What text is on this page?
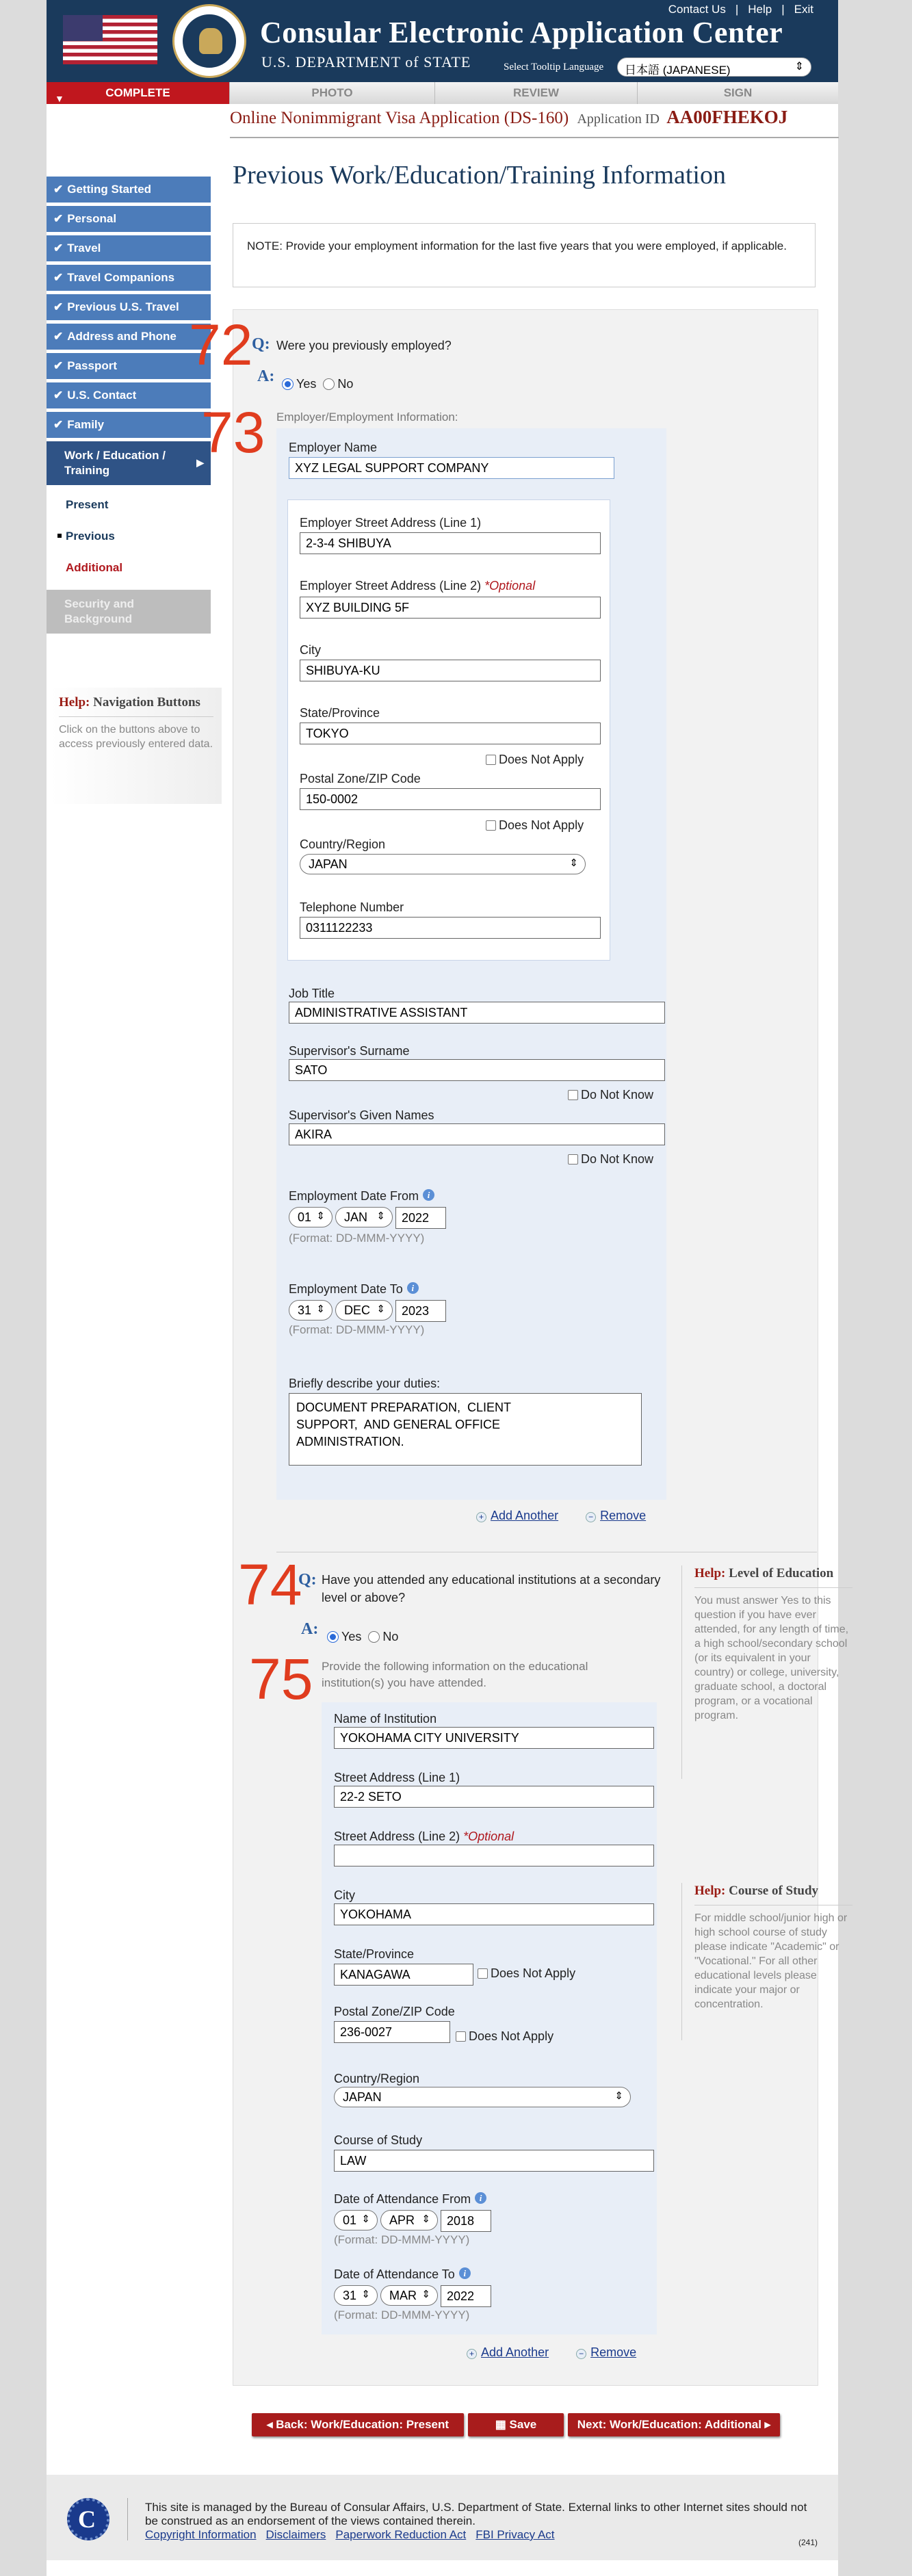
Consular Electronic Application Center
U.S. DEPARTMENT of STATE
Contact Us | Help | Exit
Select Tooltip Language	日本語 (JAPANESE)	⇕
▼	COMPLETE	PHOTO	REVIEW	SIGN
Online Nonimmigrant Visa Application (DS-160) Application ID AA00FHEKOJ
✔ Getting Started
✔ Personal
✔ Travel
✔ Travel Companions
✔ Previous U.S. Travel
✔ Address and Phone
✔ Passport
✔ U.S. Contact
✔ Family
Work / Education / Training
▶
Present
Previous
Additional
Security and Background
Help: Navigation Buttons
Click on the buttons above to access previously entered data.
Previous Work/Education/Training Information
NOTE: Provide your employment information for the last five years that you were employed, if applicable.
72
Q: Were you previously employed?
A: Yes No
73 Employer/Employment Information:
Employer Name
XYZ LEGAL SUPPORT COMPANY
Employer Street Address (Line 1)
2-3-4 SHIBUYA
Employer Street Address (Line 2) *Optional
XYZ BUILDING 5F
City
SHIBUYA-KU
State/Province
TOKYO
Does Not Apply
Postal Zone/ZIP Code
150-0002
Does Not Apply
Country/Region
JAPAN	⇕
Telephone Number
0311122233
Job Title
ADMINISTRATIVE ASSISTANT
Supervisor's Surname
SATO
Do Not Know
Supervisor's Given Names
AKIRA
Do Not Know
Employment Date From i
01 ⇕	JAN ⇕	2022
(Format: DD-MMM-YYYY)
Employment Date To i
31 ⇕	DEC ⇕	2023
(Format: DD-MMM-YYYY)
Briefly describe your duties:
DOCUMENT PREPARATION,  CLIENT
SUPPORT,  AND GENERAL OFFICE
ADMINISTRATION.
+ Add Another	− Remove
74
Q: Have you attended any educational institutions at a secondary level or above?
A: Yes No
Help: Level of Education
You must answer Yes to this question if you have ever attended, for any length of time, a high school/secondary school (or its equivalent in your country) or college, university, graduate school, a doctoral program, or a vocational program.
75 Provide the following information on the educational institution(s) you have attended.
Name of Institution
YOKOHAMA CITY UNIVERSITY
Street Address (Line 1)
22-2 SETO
Street Address (Line 2) *Optional
City
YOKOHAMA
State/Province
KANAGAWA	Does Not Apply
Postal Zone/ZIP Code
236-0027	Does Not Apply
Country/Region
JAPAN	⇕
Course of Study
LAW
Date of Attendance From i
01 ⇕	APR ⇕	2018
(Format: DD-MMM-YYYY)
Date of Attendance To i
31 ⇕	MAR ⇕	2022
(Format: DD-MMM-YYYY)
Help: Course of Study
For middle school/junior high or high school course of study please indicate "Academic" or "Vocational." For all other educational levels please indicate your major or concentration.
+ Add Another	− Remove
◂ Back: Work/Education: Present	▦ Save	Next: Work/Education: Additional ▸
C	This site is managed by the Bureau of Consular Affairs, U.S. Department of State. External links to other Internet sites should not be construed as an endorsement of the views contained therein.
Copyright Information Disclaimers Paperwork Reduction Act FBI Privacy Act
(241)
